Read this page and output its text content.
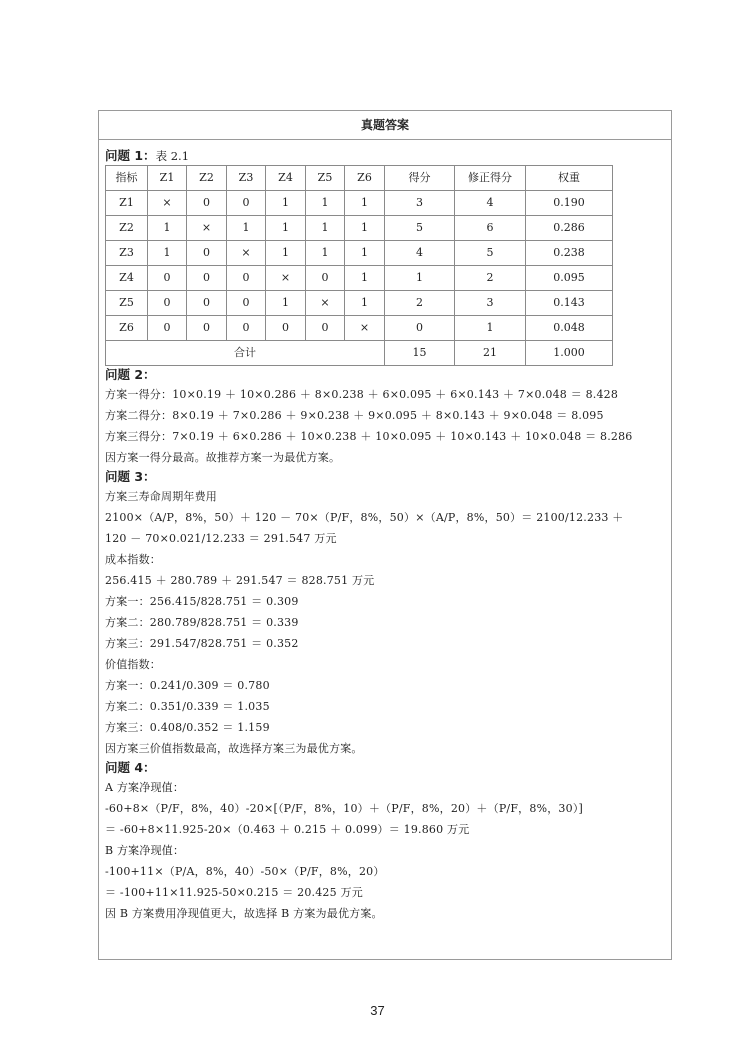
真题答案
问题 1：表 2.1
指标	Z1	Z2	Z3	Z4	Z5	Z6	得分	修正得分	权重
Z1	×	0	0	1	1	1	3	4	0.190
Z2	1	×	1	1	1	1	5	6	0.286
Z3	1	0	×	1	1	1	4	5	0.238
Z4	0	0	0	×	0	1	1	2	0.095
Z5	0	0	0	1	×	1	2	3	0.143
Z6	0	0	0	0	0	×	0	1	0.048
合计							15	21	1.000
问题 2：
方案一得分：10×0.19 ＋ 10×0.286 ＋ 8×0.238 ＋ 6×0.095 ＋ 6×0.143 ＋ 7×0.048 ＝ 8.428
方案二得分：8×0.19 ＋ 7×0.286 ＋ 9×0.238 ＋ 9×0.095 ＋ 8×0.143 ＋ 9×0.048 ＝ 8.095
方案三得分：7×0.19 ＋ 6×0.286 ＋ 10×0.238 ＋ 10×0.095 ＋ 10×0.143 ＋ 10×0.048 ＝ 8.286
因方案一得分最高。故推荐方案一为最优方案。
问题 3：
方案三寿命周期年费用
2100×（A/P，8%，50）＋ 120 － 70×（P/F，8%，50）×（A/P，8%，50）＝ 2100/12.233 ＋
120 － 70×0.021/12.233 ＝ 291.547 万元
成本指数：
256.415 ＋ 280.789 ＋ 291.547 ＝ 828.751 万元
方案一：256.415/828.751 ＝ 0.309
方案二：280.789/828.751 ＝ 0.339
方案三：291.547/828.751 ＝ 0.352
价值指数：
方案一：0.241/0.309 ＝ 0.780
方案二：0.351/0.339 ＝ 1.035
方案三：0.408/0.352 ＝ 1.159
因方案三价值指数最高，故选择方案三为最优方案。
问题 4：
A 方案净现值：
-60+8×（P/F，8%，40）-20×[（P/F，8%，10）＋（P/F，8%，20）＋（P/F，8%，30）]
＝ -60+8×11.925-20×（0.463 ＋ 0.215 ＋ 0.099）＝ 19.860 万元
B 方案净现值：
-100+11×（P/A，8%，40）-50×（P/F，8%，20）
＝ -100+11×11.925-50×0.215 ＝ 20.425 万元
因 B 方案费用净现值更大，故选择 B 方案为最优方案。
37
